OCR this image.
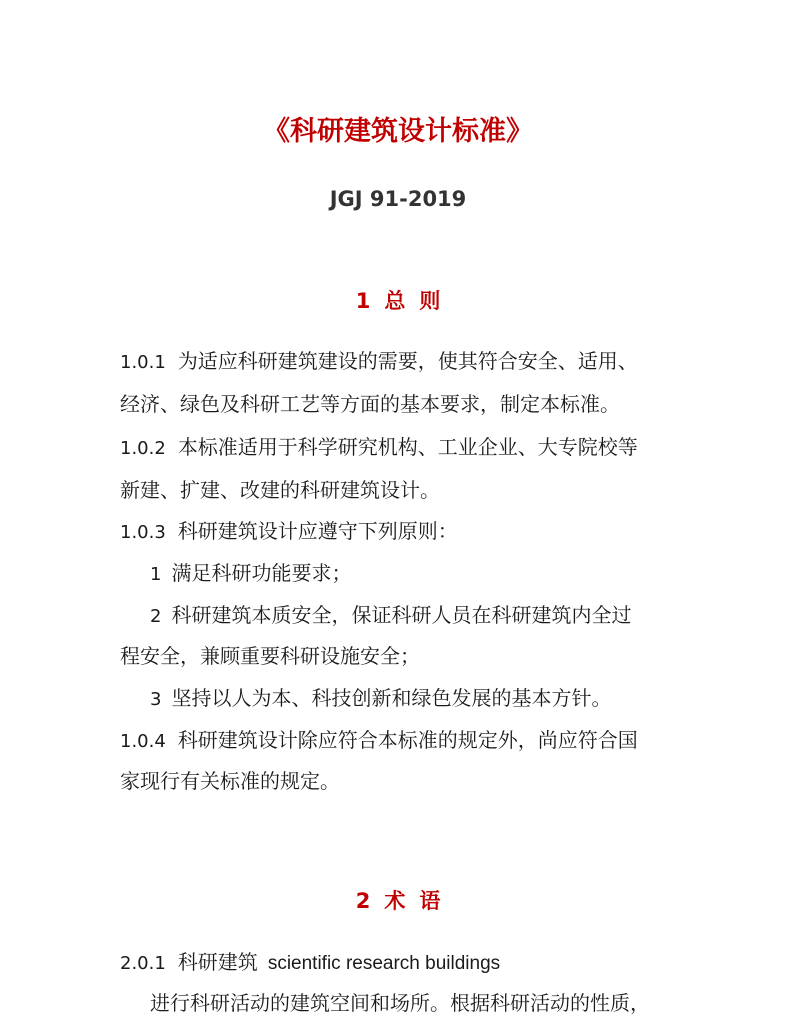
《科研建筑设计标准》
JGJ 91-2019
1 总 则
1.0.1 为适应科研建筑建设的需要，使其符合安全、适用、
经济、绿色及科研工艺等方面的基本要求，制定本标准。
1.0.2 本标准适用于科学研究机构、工业企业、大专院校等
新建、扩建、改建的科研建筑设计。
1.0.3 科研建筑设计应遵守下列原则：
1 满足科研功能要求；
2 科研建筑本质安全，保证科研人员在科研建筑内全过
程安全，兼顾重要科研设施安全；
3 坚持以人为本、科技创新和绿色发展的基本方针。
1.0.4 科研建筑设计除应符合本标准的规定外，尚应符合国
家现行有关标准的规定。
2 术 语
2.0.1 科研建筑 scientific research buildings
进行科研活动的建筑空间和场所。根据科研活动的性质，
